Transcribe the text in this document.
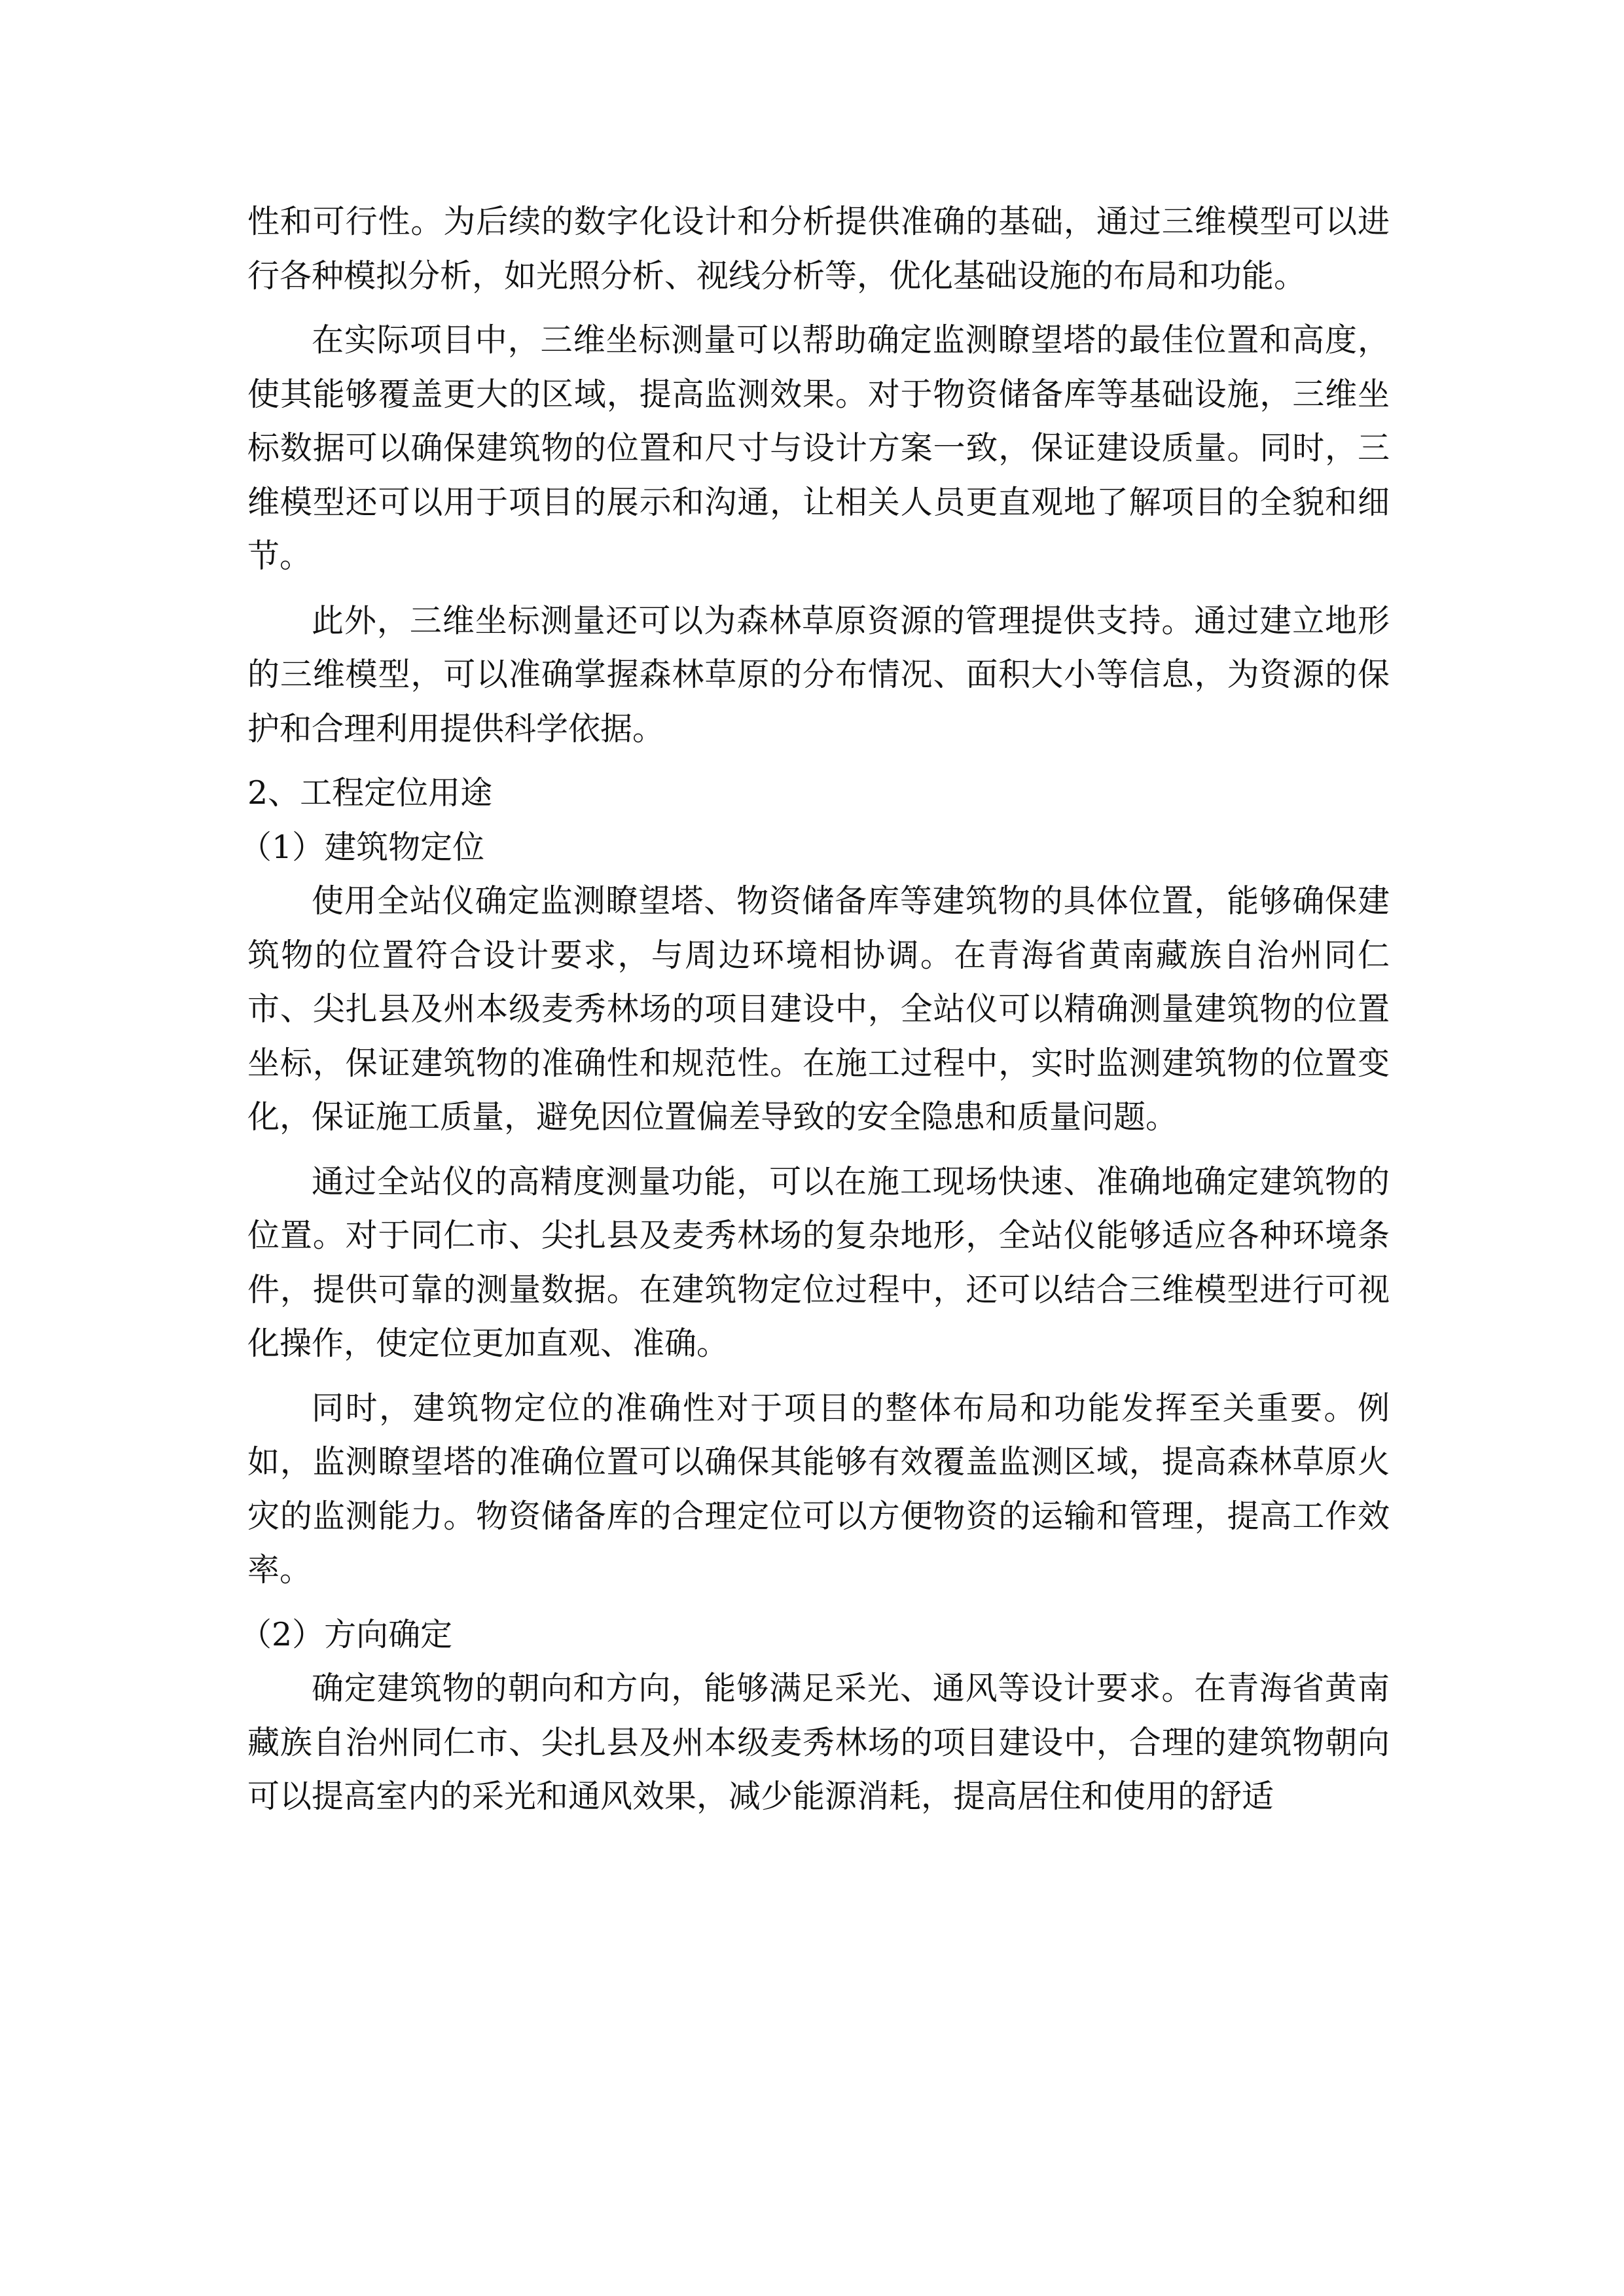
性和可行性。为后续的数字化设计和分析提供准确的基础，通过三维模型可以进行各种模拟分析，如光照分析、视线分析等，优化基础设施的布局和功能。

在实际项目中，三维坐标测量可以帮助确定监测瞭望塔的最佳位置和高度，使其能够覆盖更大的区域，提高监测效果。对于物资储备库等基础设施，三维坐标数据可以确保建筑物的位置和尺寸与设计方案一致，保证建设质量。同时，三维模型还可以用于项目的展示和沟通，让相关人员更直观地了解项目的全貌和细节。

此外，三维坐标测量还可以为森林草原资源的管理提供支持。通过建立地形的三维模型，可以准确掌握森林草原的分布情况、面积大小等信息，为资源的保护和合理利用提供科学依据。

2、工程定位用途

（1）建筑物定位

使用全站仪确定监测瞭望塔、物资储备库等建筑物的具体位置，能够确保建筑物的位置符合设计要求，与周边环境相协调。在青海省黄南藏族自治州同仁市、尖扎县及州本级麦秀林场的项目建设中，全站仪可以精确测量建筑物的位置坐标，保证建筑物的准确性和规范性。在施工过程中，实时监测建筑物的位置变化，保证施工质量，避免因位置偏差导致的安全隐患和质量问题。

通过全站仪的高精度测量功能，可以在施工现场快速、准确地确定建筑物的位置。对于同仁市、尖扎县及麦秀林场的复杂地形，全站仪能够适应各种环境条件，提供可靠的测量数据。在建筑物定位过程中，还可以结合三维模型进行可视化操作，使定位更加直观、准确。

同时，建筑物定位的准确性对于项目的整体布局和功能发挥至关重要。例如，监测瞭望塔的准确位置可以确保其能够有效覆盖监测区域，提高森林草原火灾的监测能力。物资储备库的合理定位可以方便物资的运输和管理，提高工作效率。

（2）方向确定

确定建筑物的朝向和方向，能够满足采光、通风等设计要求。在青海省黄南藏族自治州同仁市、尖扎县及州本级麦秀林场的项目建设中，合理的建筑物朝向可以提高室内的采光和通风效果，减少能源消耗，提高居住和使用的舒适
